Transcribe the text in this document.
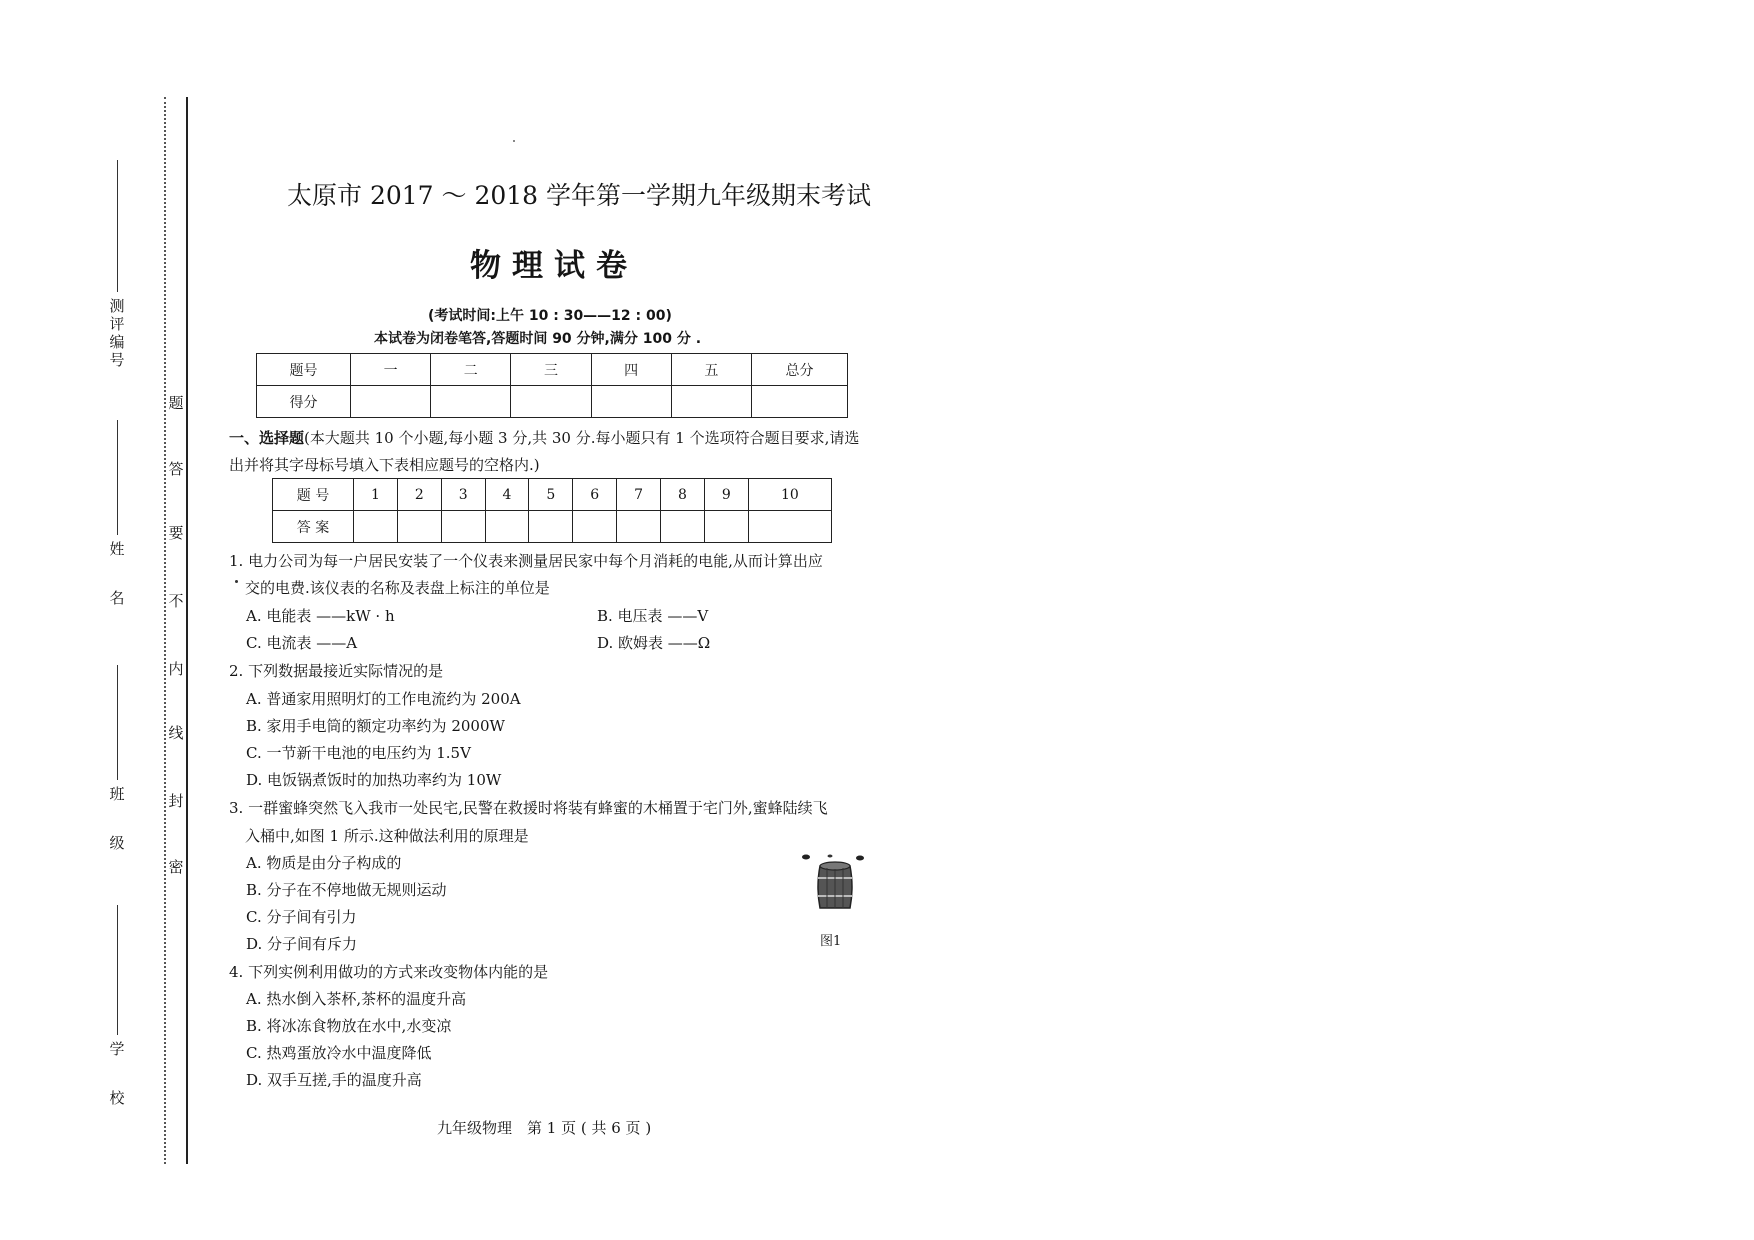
测评编号
姓名
班级
学校
题
答
要
不
内
线
封
密
太原市 2017 ～ 2018 学年第一学期九年级期末考试
物理试卷
(考试时间:上午 10 : 30——12 : 00)
本试卷为闭卷笔答,答题时间 90 分钟,满分 100 分 .
题号	一	二	三	四	五	总分
得分						
一、选择题(本大题共 10 个小题,每小题 3 分,共 30 分.每小题只有 1 个选项符合题目要求,请选出并将其字母标号填入下表相应题号的空格内.)
题 号	1	2	3	4	5	6	7	8	9	10
答 案										
1. 电力公司为每一户居民安装了一个仪表来测量居民家中每个月消耗的电能,从而计算出应
交的电费.该仪表的名称及表盘上标注的单位是
A. 电能表 ——kW · h	B. 电压表 ——V
C. 电流表 ——A	D. 欧姆表 ——Ω
2. 下列数据最接近实际情况的是
A. 普通家用照明灯的工作电流约为 200A
B. 家用手电筒的额定功率约为 2000W
C. 一节新干电池的电压约为 1.5V
D. 电饭锅煮饭时的加热功率约为 10W
3. 一群蜜蜂突然飞入我市一处民宅,民警在救援时将装有蜂蜜的木桶置于宅门外,蜜蜂陆续飞
入桶中,如图 1 所示.这种做法利用的原理是
A. 物质是由分子构成的
B. 分子在不停地做无规则运动
C. 分子间有引力
D. 分子间有斥力	图1
4. 下列实例利用做功的方式来改变物体内能的是
A. 热水倒入茶杯,茶杯的温度升高
B. 将冰冻食物放在水中,水变凉
C. 热鸡蛋放冷水中温度降低
D. 双手互搓,手的温度升高
九年级物理　第 1 页 ( 共 6 页 )
